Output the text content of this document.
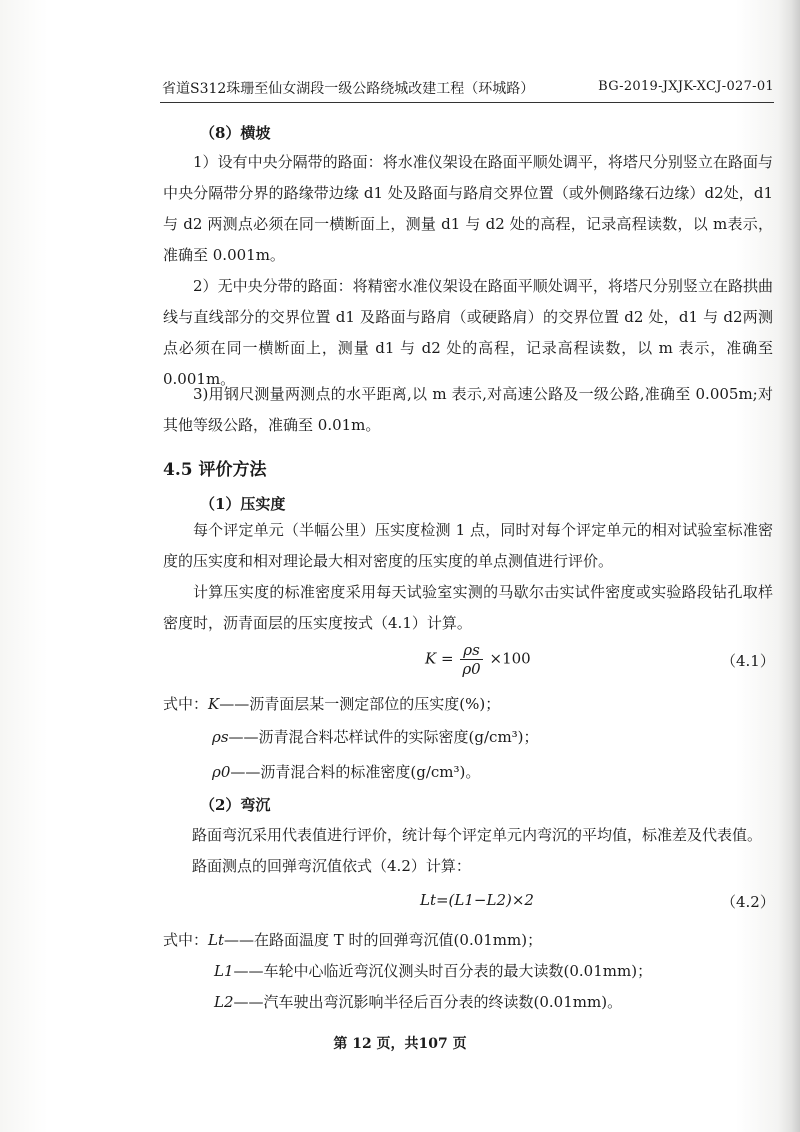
省道S312珠珊至仙女湖段一级公路绕城改建工程（环城路）	BG-2019-JXJK-XCJ-027-01
（8）横坡
1）设有中央分隔带的路面：将水准仪架设在路面平顺处调平，将塔尺分别竖立在路面与中央分隔带分界的路缘带边缘 d1 处及路面与路肩交界位置（或外侧路缘石边缘）d2处，d1 与 d2 两测点必须在同一横断面上，测量 d1 与 d2 处的高程，记录高程读数，以 m表示，准确至 0.001m。
2）无中央分带的路面：将精密水准仪架设在路面平顺处调平，将塔尺分别竖立在路拱曲线与直线部分的交界位置 d1 及路面与路肩（或硬路肩）的交界位置 d2 处，d1 与 d2两测点必须在同一横断面上，测量 d1 与 d2 处的高程，记录高程读数，以 m 表示，准确至0.001m。
3)用钢尺测量两测点的水平距离,以 m 表示,对高速公路及一级公路,准确至 0.005m;对其他等级公路，准确至 0.01m。
4.5 评价方法
（1）压实度
每个评定单元（半幅公里）压实度检测 1 点，同时对每个评定单元的相对试验室标准密度的压实度和相对理论最大相对密度的压实度的单点测值进行评价。
计算压实度的标准密度采用每天试验室实测的马歇尔击实试件密度或实验路段钻孔取样密度时，沥青面层的压实度按式（4.1）计算。
$K = \frac{\rho s}{\rho 0} \times 100$	（4.1）
式中：K——沥青面层某一测定部位的压实度(%)；
ρs——沥青混合料芯样试件的实际密度(g/cm³)；
ρ0——沥青混合料的标准密度(g/cm³)。
（2）弯沉
路面弯沉采用代表值进行评价，统计每个评定单元内弯沉的平均值，标准差及代表值。
路面测点的回弹弯沉值依式（4.2）计算：
Lt=(L1−L2)×2	（4.2）
式中：Lt——在路面温度 T 时的回弹弯沉值(0.01mm)；
L1——车轮中心临近弯沉仪测头时百分表的最大读数(0.01mm)；
L2——汽车驶出弯沉影响半径后百分表的终读数(0.01mm)。
第 12 页，共107 页
